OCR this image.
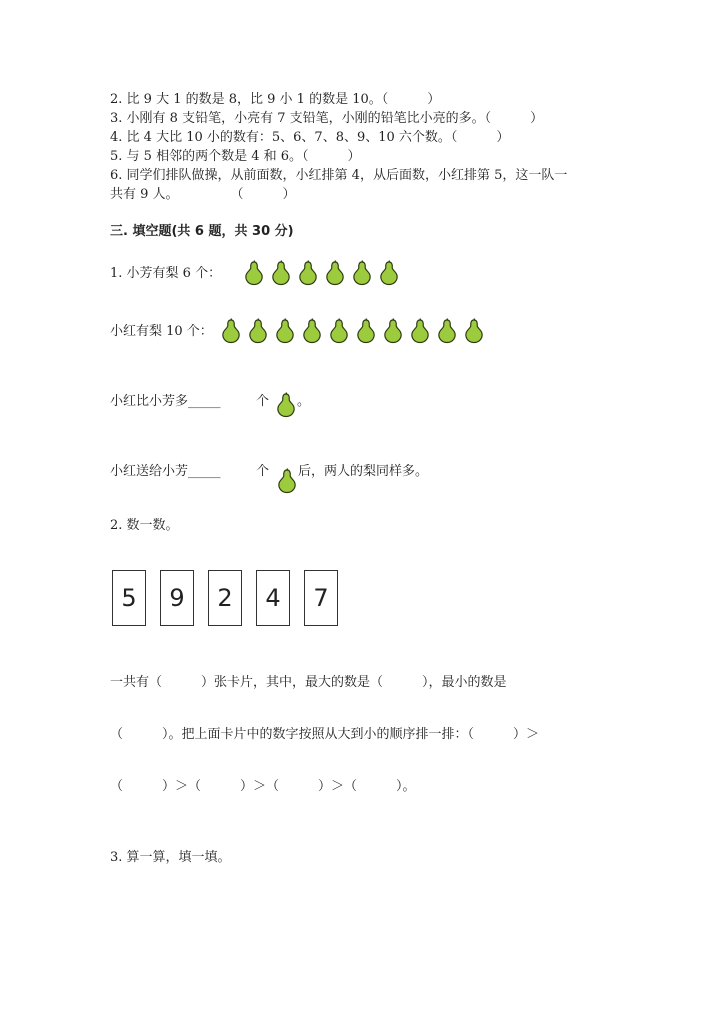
2. 比 9 大 1 的数是 8，比 9 小 1 的数是 10。（　　　）
3. 小刚有 8 支铅笔，小亮有 7 支铅笔，小刚的铅笔比小亮的多。（　　　）
4. 比 4 大比 10 小的数有：5、6、7、8、9、10 六个数。（　　　）
5. 与 5 相邻的两个数是 4 和 6。（　　　）
6. 同学们排队做操，从前面数，小红排第 4，从后面数，小红排第 5，这一队一
共有 9 人。　　　　　（　　　）
三. 填空题(共 6 题，共 30 分)
1. 小芳有梨 6 个：
小红有梨 10 个：
小红比小芳多_____	个 。
小红送给小芳_____	个 后，两人的梨同样多。
2. 数一数。
5	9	2	4	7
一共有（　　　）张卡片，其中，最大的数是（　　　），最小的数是
（　　　）。把上面卡片中的数字按照从大到小的顺序排一排：（　　　）＞
（　　　）＞（　　　）＞（　　　）＞（　　　）。
3. 算一算，填一填。
